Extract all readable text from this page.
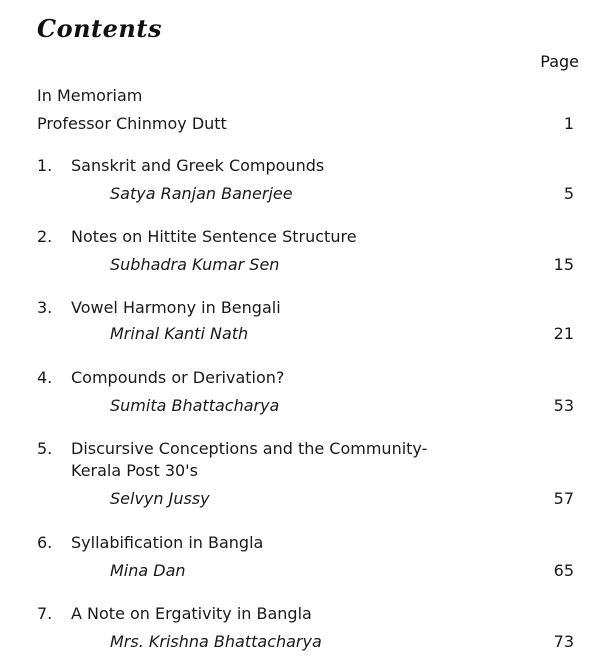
Contents
Page
In Memoriam
Professor Chinmoy Dutt	1
1. Sanskrit and Greek Compounds
Satya Ranjan Banerjee	5
2. Notes on Hittite Sentence Structure
Subhadra Kumar Sen	15
3. Vowel Harmony in Bengali
Mrinal Kanti Nath	21
4. Compounds or Derivation?
Sumita Bhattacharya	53
5. Discursive Conceptions and the Community-
Kerala Post 30's
Selvyn Jussy	57
6. Syllabification in Bangla
Mina Dan	65
7. A Note on Ergativity in Bangla
Mrs. Krishna Bhattacharya	73
